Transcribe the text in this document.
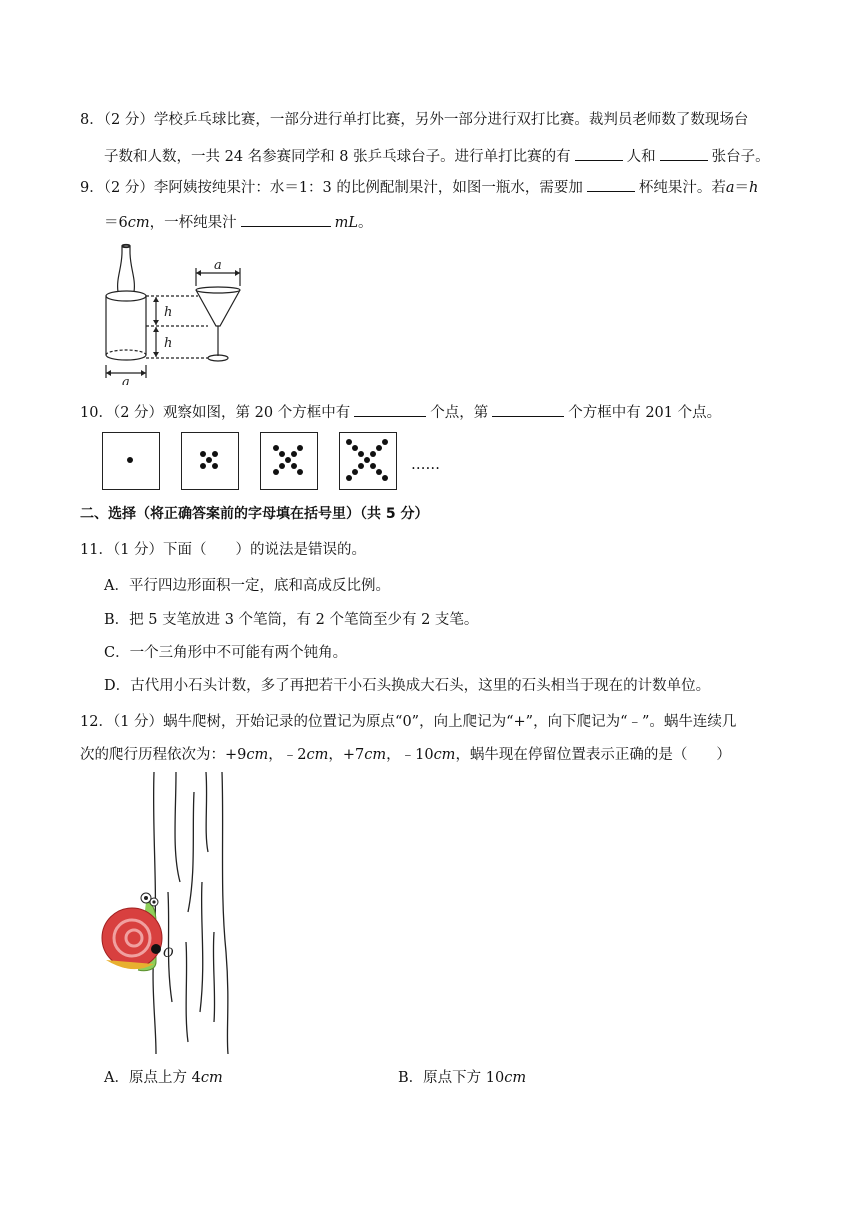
8．（2 分）学校乒乓球比赛，一部分进行单打比赛，另外一部分进行双打比赛。裁判员老师数了数现场台
子数和人数，一共 24 名参赛同学和 8 张乒乓球台子。进行单打比赛的有	人和	张台子。
9．（2 分）李阿姨按纯果汁：水＝1：3 的比例配制果汁，如图一瓶水，需要加	杯纯果汁。若a＝h
＝6cm，一杯纯果汁	mL。
h
h
a
a
10．（2 分）观察如图，第 20 个方框中有	个点，第	个方框中有 201 个点。
……
二、选择（将正确答案前的字母填在括号里）（共 5 分）
11．（1 分）下面（　　）的说法是错误的。
A．平行四边形面积一定，底和高成反比例。
B．把 5 支笔放进 3 个笔筒，有 2 个笔筒至少有 2 支笔。
C．一个三角形中不可能有两个钝角。
D．古代用小石头计数，多了再把若干小石头换成大石头，这里的石头相当于现在的计数单位。
12．（1 分）蜗牛爬树，开始记录的位置记为原点“0”，向上爬记为“+”，向下爬记为“﹣”。蜗牛连续几
次的爬行历程依次为：+9cm，﹣2cm，+7cm，﹣10cm，蜗牛现在停留位置表示正确的是（　　）
O
A．原点上方 4cm	B．原点下方 10cm
